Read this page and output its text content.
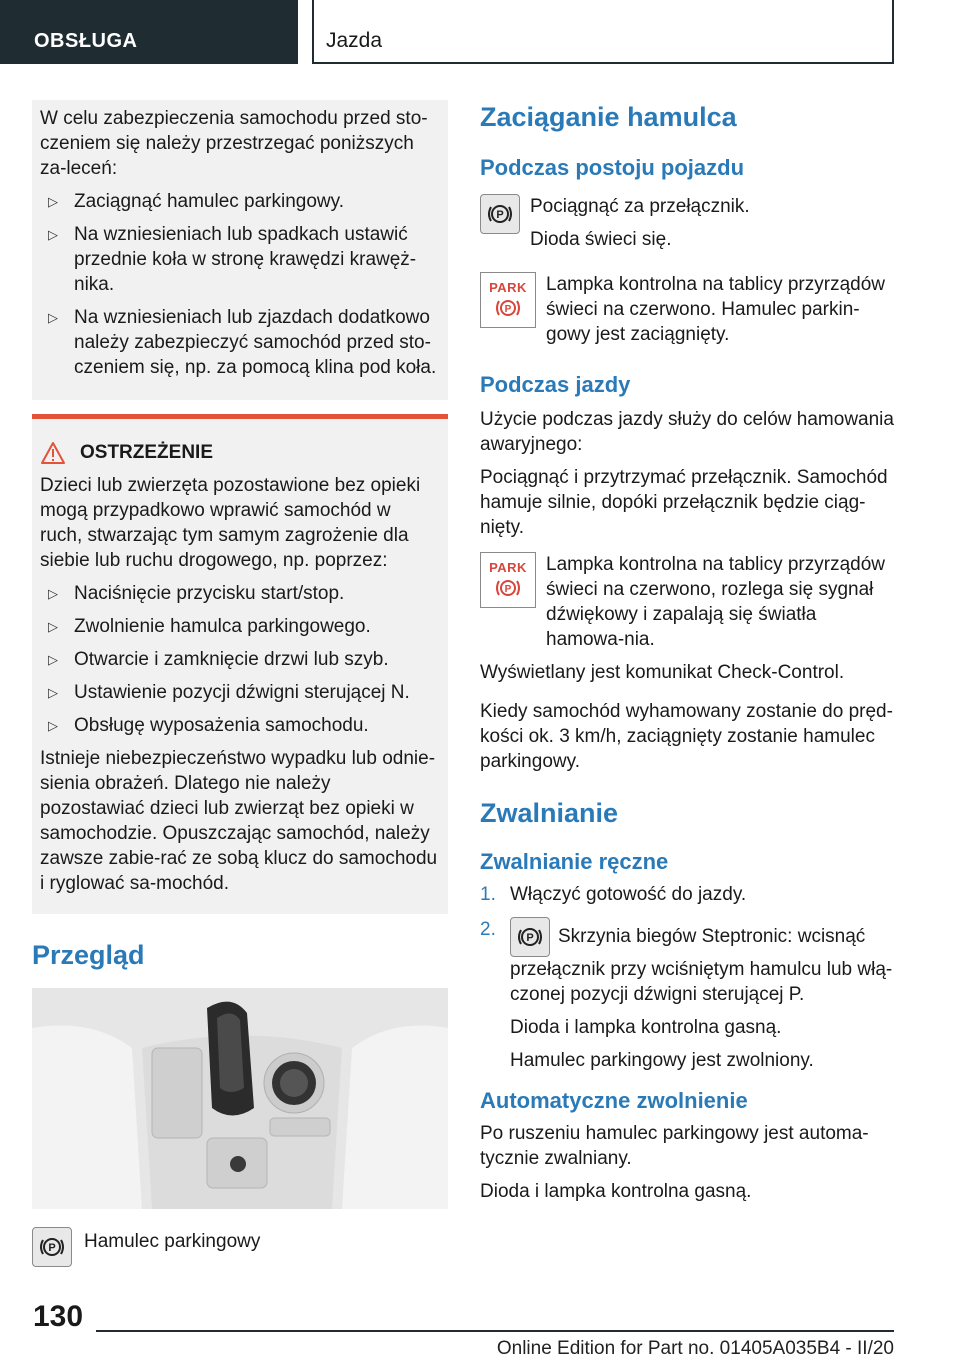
OBSŁUGA	Jazda

W celu zabezpieczenia samochodu przed sto-czeniem się należy przestrzegać poniższych za-leceń:

▷ Zaciągnąć hamulec parkingowy.
▷ Na wzniesieniach lub spadkach ustawić przednie koła w stronę krawędzi krawęż-nika.
▷ Na wzniesieniach lub zjazdach dodatkowo należy zabezpieczyć samochód przed sto-czeniem się, np. za pomocą klina pod koła.
OSTRZEŻENIE

Dzieci lub zwierzęta pozostawione bez opieki mogą przypadkowo wprawić samochód w ruch, stwarzając tym samym zagrożenie dla siebie lub ruchu drogowego, np. poprzez:

▷ Naciśnięcie przycisku start/stop.
▷ Zwolnienie hamulca parkingowego.
▷ Otwarcie i zamknięcie drzwi lub szyb.
▷ Ustawienie pozycji dźwigni sterującej N.
▷ Obsługę wyposażenia samochodu.

Istnieje niebezpieczeństwo wypadku lub odnie-sienia obrażeń. Dlatego nie należy pozostawiać dzieci lub zwierząt bez opieki w samochodzie. Opuszczając samochód, należy zawsze zabie-rać ze sobą klucz do samochodu i ryglować sa-mochód.

Przegląd
P Hamulec parkingowy

Zaciąganie hamulca
Podczas postoju pojazdu
P Pociągnąć za przełącznik.

Dioda świeci się.

PARK
P

Lampka kontrolna na tablicy przyrządów świeci na czerwono. Hamulec parkin-gowy jest zaciągnięty.

Podczas jazdy

Użycie podczas jazdy służy do celów hamowania awaryjnego:

Pociągnąć i przytrzymać przełącznik. Samochód hamuje silnie, dopóki przełącznik będzie ciąg-nięty.

PARK
P

Lampka kontrolna na tablicy przyrządów świeci na czerwono, rozlega się sygnał dźwiękowy i zapalają się światła hamowa-nia.

Wyświetlany jest komunikat Check-Control.

Kiedy samochód wyhamowany zostanie do pręd-kości ok. 3 km/h, zaciągnięty zostanie hamulec parkingowy.

Zwalnianie
Zwalnianie ręczne
1. Włączyć gotowość do jazdy.
2.	P Skrzynia biegów Steptronic: wcisnąć przełącznik przy wciśniętym hamulcu lub włą-czonej pozycji dźwigni sterującej P.

Dioda i lampka kontrolna gasną.

Hamulec parkingowy jest zwolniony.

Automatyczne zwolnienie

Po ruszeniu hamulec parkingowy jest automa-tycznie zwalniany.

Dioda i lampka kontrolna gasną.

130
Online Edition for Part no. 01405A035B4 - II/20
